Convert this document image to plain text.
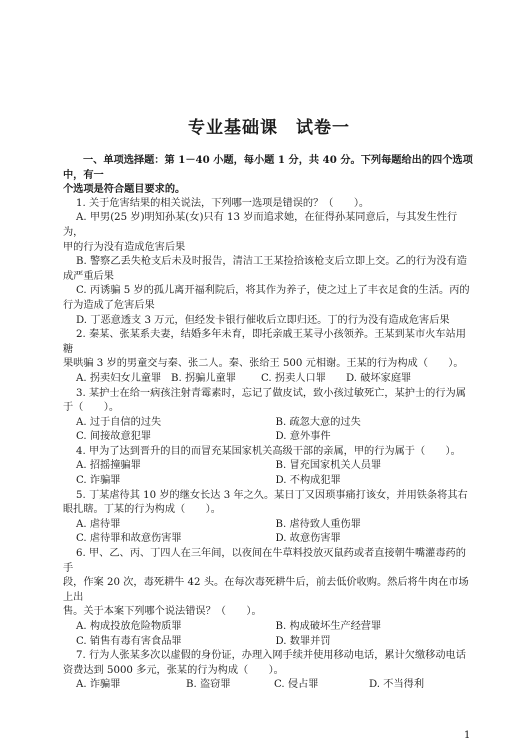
专业基础课　试卷一

一、单项选择题：第 1－40 小题，每小题 1 分，共 40 分。下列每题给出的四个选项中，有一

个选项是符合题目要求的。

1. 关于危害结果的相关说法，下列哪一选项是错误的？（　　）。

A. 甲男(25 岁)明知孙某(女)只有 13 岁而追求她，在征得孙某同意后，与其发生性行为，

甲的行为没有造成危害后果

B. 警察乙丢失枪支后未及时报告，清洁工王某捡拾该枪支后立即上交。乙的行为没有造

成严重后果

C. 丙诱骗 5 岁的孤儿离开福利院后，将其作为养子，使之过上了丰衣足食的生活。丙的

行为造成了危害后果

D. 丁恶意透支 3 万元，但经发卡银行催收后立即归还。丁的行为没有造成危害后果

2. 秦某、张某系夫妻，结婚多年未育，即托亲戚王某寻小孩领养。王某到某市火车站用糖

果哄骗 3 岁的男童交与秦、张二人。秦、张给王 500 元相谢。王某的行为构成（　　）。

A. 拐卖妇女儿童罪 B. 拐骗儿童罪	C. 拐卖人口罪	D. 破坏家庭罪

3. 某护士在给一病孩注射青霉素时，忘记了做皮试，致小孩过敏死亡，某护士的行为属

于（　　）。

A. 过于自信的过失	B. 疏忽大意的过失
C. 间接故意犯罪	D. 意外事件

4. 甲为了达到晋升的目的而冒充某国家机关高级干部的亲属，甲的行为属于（　　）。

A. 招摇撞骗罪	B. 冒充国家机关人员罪
C. 诈骗罪	D. 不构成犯罪

5. 丁某虐待其 10 岁的继女长达 3 年之久。某日丁又因琐事痛打该女，并用铁条将其右

眼扎瞎。丁某的行为构成（　　）。

A. 虐待罪	B. 虐待致人重伤罪
C. 虐待罪和故意伤害罪	D. 故意伤害罪

6. 甲、乙、丙、丁四人在三年间，以夜间在牛草料投放灭鼠药或者直接朝牛嘴灌毒药的手

段，作案 20 次，毒死耕牛 42 头。在每次毒死耕牛后，前去低价收购。然后将牛肉在市场上出

售。关于本案下列哪个说法错误？（　　）。

A. 构成投放危险物质罪	B. 构成破坏生产经营罪
C. 销售有毒有害食品罪	D. 数罪并罚

7. 行为人张某多次以虚假的身份证，办理入网手续并使用移动电话，累计欠缴移动电话

资费达到 5000 多元，张某的行为构成（　　）。

A. 诈骗罪	B. 盗窃罪	C. 侵占罪	D. 不当得利
1
